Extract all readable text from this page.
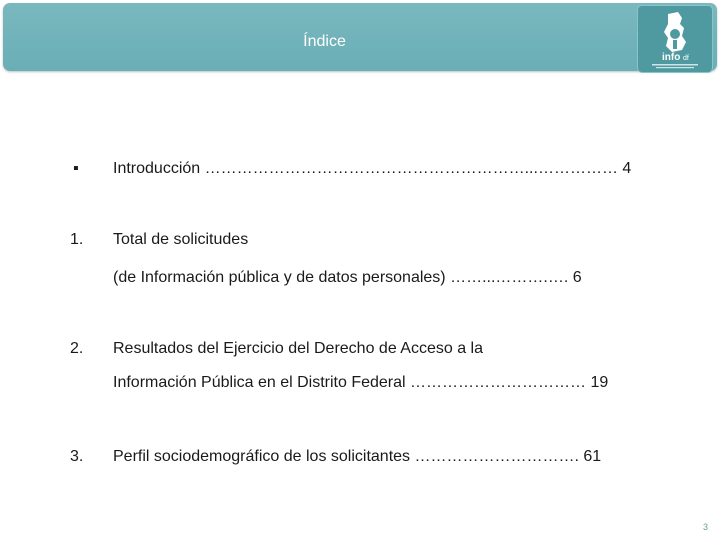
Índice
info df
▪ Introducción ……………………………………………………...…………… 4
1. Total de solicitudes
(de Información pública y de datos personales) ……...……….…. 6
2. Resultados del Ejercicio del Derecho de Acceso a la
Información Pública en el Distrito Federal …………………………… 19
3. Perfil sociodemográfico de los solicitantes …………………………. 61
3
